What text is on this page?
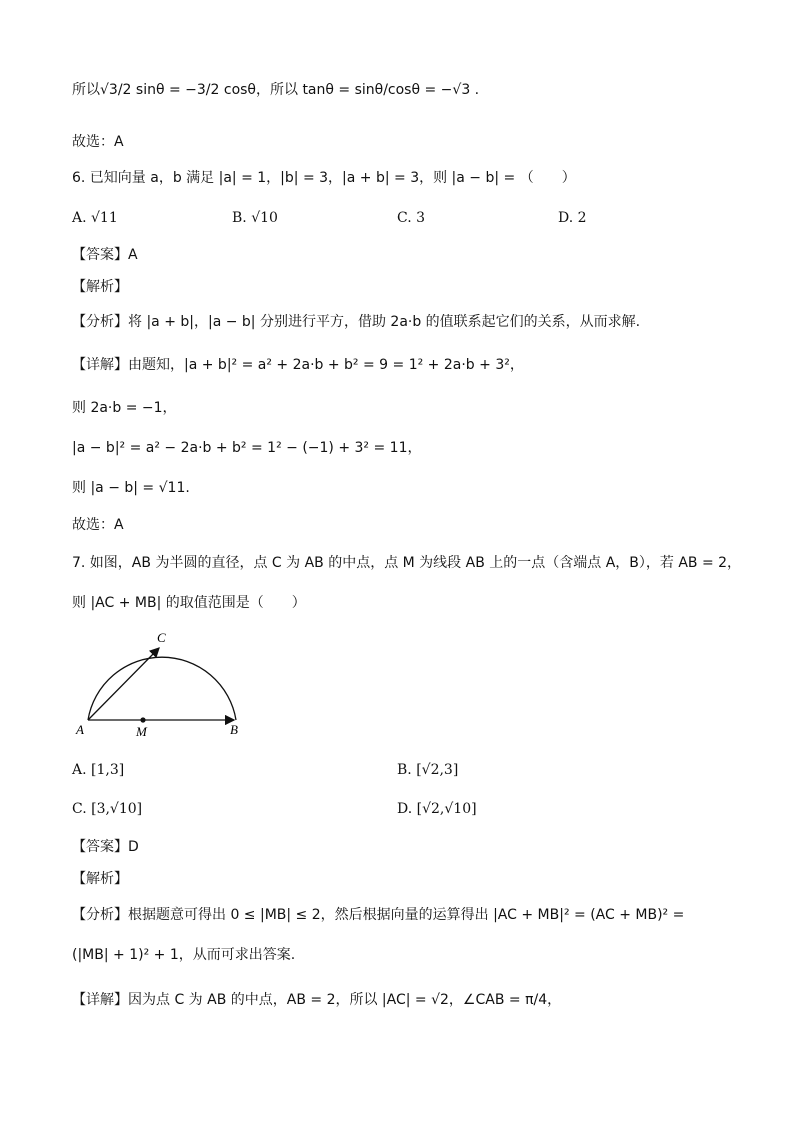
所以√3/2 sinθ = −3/2 cosθ，所以 tanθ = sinθ/cosθ = −√3 .
故选：A
6. 已知向量 a，b 满足 |a| = 1，|b| = 3，|a + b| = 3，则 |a − b| = （　　）
A. √11	B. √10	C. 3	D. 2
【答案】A
【解析】
【分析】将 |a + b|，|a − b| 分别进行平方，借助 2a·b 的值联系起它们的关系，从而求解.
【详解】由题知，|a + b|² = a² + 2a·b + b² = 9 = 1² + 2a·b + 3²，
则 2a·b = −1，
|a − b|² = a² − 2a·b + b² = 1² − (−1) + 3² = 11，
则 |a − b| = √11.
故选：A
7. 如图，AB 为半圆的直径，点 C 为 AB 的中点，点 M 为线段 AB 上的一点（含端点 A，B），若 AB = 2，
则 |AC + MB| 的取值范围是（　　）
A	M	B
C
A. [1,3]	B. [√2,3]
C. [3,√10]	D. [√2,√10]
【答案】D
【解析】
【分析】根据题意可得出 0 ≤ |MB| ≤ 2，然后根据向量的运算得出 |AC + MB|² = (AC + MB)² =
(|MB| + 1)² + 1，从而可求出答案.
【详解】因为点 C 为 AB 的中点，AB = 2，所以 |AC| = √2，∠CAB = π/4，
